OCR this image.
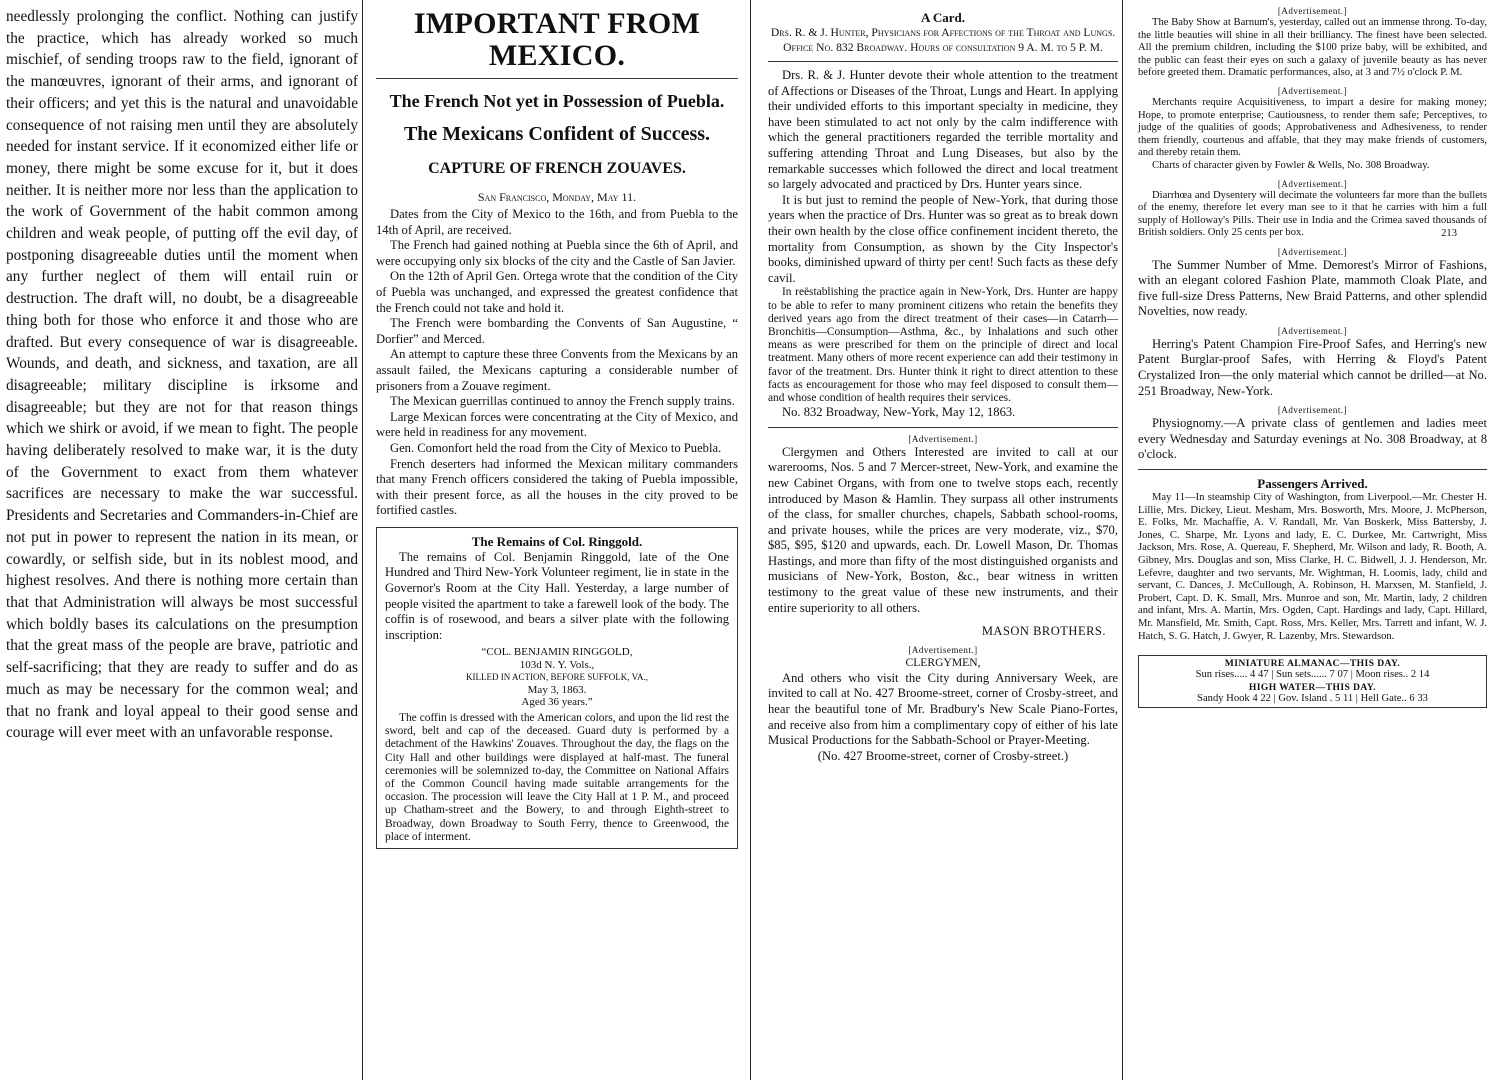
needlessly prolonging the conflict. Nothing can justify the practice, which has already worked so much mischief, of sending troops raw to the field, ignorant of the manœuvres, ignorant of their arms, and ignorant of their officers; and yet this is the natural and unavoidable consequence of not raising men until they are absolutely needed for instant service. If it economized either life or money, there might be some excuse for it, but it does neither. It is neither more nor less than the application to the work of Government of the habit common among children and weak people, of putting off the evil day, of postponing disagreeable duties until the moment when any further neglect of them will entail ruin or destruction. The draft will, no doubt, be a disagreeable thing both for those who enforce it and those who are drafted. But every consequence of war is disagreeable. Wounds, and death, and sickness, and taxation, are all disagreeable; military discipline is irksome and disagreeable; but they are not for that reason things which we shirk or avoid, if we mean to fight. The people having deliberately resolved to make war, it is the duty of the Government to exact from them whatever sacrifices are necessary to make the war successful. Presidents and Secretaries and Commanders-in-Chief are not put in power to represent the nation in its mean, or cowardly, or selfish side, but in its noblest mood, and highest resolves. And there is nothing more certain than that that Administration will always be most successful which boldly bases its calculations on the presumption that the great mass of the people are brave, patriotic and self-sacrificing; that they are ready to suffer and do as much as may be necessary for the common weal; and that no frank and loyal appeal to their good sense and courage will ever meet with an unfavorable response.

IMPORTANT FROM MEXICO.
The French Not yet in Possession of Puebla.
The Mexicans Confident of Success.
CAPTURE OF FRENCH ZOUAVES.
San Francisco, Monday, May 11.

Dates from the City of Mexico to the 16th, and from Puebla to the 14th of April, are received.

The French had gained nothing at Puebla since the 6th of April, and were occupying only six blocks of the city and the Castle of San Javier.

On the 12th of April Gen. Ortega wrote that the condition of the City of Puebla was unchanged, and expressed the greatest confidence that the French could not take and hold it.

The French were bombarding the Convents of San Augustine, “ Dorfier” and Merced.

An attempt to capture these three Convents from the Mexicans by an assault failed, the Mexicans capturing a considerable number of prisoners from a Zouave regiment.

The Mexican guerrillas continued to annoy the French supply trains.

Large Mexican forces were concentrating at the City of Mexico, and were held in readiness for any movement.

Gen. Comonfort held the road from the City of Mexico to Puebla.

French deserters had informed the Mexican military commanders that many French officers considered the taking of Puebla impossible, with their present force, as all the houses in the city proved to be fortified castles.

The Remains of Col. Ringgold.

The remains of Col. Benjamin Ringgold, late of the One Hundred and Third New-York Volunteer regiment, lie in state in the Governor's Room at the City Hall. Yesterday, a large number of people visited the apartment to take a farewell look of the body. The coffin is of rosewood, and bears a silver plate with the following inscription:

“COL. BENJAMIN RINGGOLD,
103d N. Y. Vols.,
KILLED IN ACTION, BEFORE SUFFOLK, VA.,
May 3, 1863.
Aged 36 years.”

The coffin is dressed with the American colors, and upon the lid rest the sword, belt and cap of the deceased. Guard duty is performed by a detachment of the Hawkins' Zouaves. Throughout the day, the flags on the City Hall and other buildings were displayed at half-mast. The funeral ceremonies will be solemnized to-day, the Committee on National Affairs of the Common Council having made suitable arrangements for the occasion. The procession will leave the City Hall at 1 P. M., and proceed up Chatham-street and the Bowery, to and through Eighth-street to Broadway, down Broadway to South Ferry, thence to Greenwood, the place of interment.

A Card.
Drs. R. & J. Hunter, Physicians for Affections of the Throat and Lungs.
Office No. 832 Broadway. Hours of consultation 9 A. M. to 5 P. M.

Drs. R. & J. Hunter devote their whole attention to the treatment of Affections or Diseases of the Throat, Lungs and Heart. In applying their undivided efforts to this important specialty in medicine, they have been stimulated to act not only by the calm indifference with which the general practitioners regarded the terrible mortality and suffering attending Throat and Lung Diseases, but also by the remarkable successes which followed the direct and local treatment so largely advocated and practiced by Drs. Hunter years since.

It is but just to remind the people of New-York, that during those years when the practice of Drs. Hunter was so great as to break down their own health by the close office confinement incident thereto, the mortality from Consumption, as shown by the City Inspector's books, diminished upward of thirty per cent! Such facts as these defy cavil.

In reëstablishing the practice again in New-York, Drs. Hunter are happy to be able to refer to many prominent citizens who retain the benefits they derived years ago from the direct treatment of their cases—in Catarrh—Bronchitis—Consumption—Asthma, &c., by Inhalations and such other means as were prescribed for them on the principle of direct and local treatment. Many others of more recent experience can add their testimony in favor of the treatment. Drs. Hunter think it right to direct attention to these facts as encouragement for those who may feel disposed to consult them—and whose condition of health requires their services.

No. 832 Broadway, New-York, May 12, 1863.

[Advertisement.]

Clergymen and Others Interested are invited to call at our warerooms, Nos. 5 and 7 Mercer-street, New-York, and examine the new Cabinet Organs, with from one to twelve stops each, recently introduced by Mason & Hamlin. They surpass all other instruments of the class, for smaller churches, chapels, Sabbath school-rooms, and private houses, while the prices are very moderate, viz., $70, $85, $95, $120 and upwards, each. Dr. Lowell Mason, Dr. Thomas Hastings, and more than fifty of the most distinguished organists and musicians of New-York, Boston, &c., bear witness in written testimony to the great value of these new instruments, and their entire superiority to all others.

MASON BROTHERS.
[Advertisement.]
CLERGYMEN,

And others who visit the City during Anniversary Week, are invited to call at No. 427 Broome-street, corner of Crosby-street, and hear the beautiful tone of Mr. Bradbury's New Scale Piano-Fortes, and receive also from him a complimentary copy of either of his late Musical Productions for the Sabbath-School or Prayer-Meeting.

(No. 427 Broome-street, corner of Crosby-street.)

[Advertisement.]

The Baby Show at Barnum's, yesterday, called out an immense throng. To-day, the little beauties will shine in all their brilliancy. The finest have been selected. All the premium children, including the $100 prize baby, will be exhibited, and the public can feast their eyes on such a galaxy of juvenile beauty as has never before greeted them. Dramatic performances, also, at 3 and 7½ o'clock P. M.

[Advertisement.]

Merchants require Acquisitiveness, to impart a desire for making money; Hope, to promote enterprise; Cautiousness, to render them safe; Perceptives, to judge of the qualities of goods; Approbativeness and Adhesiveness, to render them friendly, courteous and affable, that they may make friends of customers, and thereby retain them.

Charts of character given by Fowler & Wells, No. 308 Broadway.

[Advertisement.]

Diarrhœa and Dysentery will decimate the volunteers far more than the bullets of the enemy, therefore let every man see to it that he carries with him a full supply of Holloway's Pills. Their use in India and the Crimea saved thousands of British soldiers. Only 25 cents per box.	213
[Advertisement.]

The Summer Number of Mme. Demorest's Mirror of Fashions, with an elegant colored Fashion Plate, mammoth Cloak Plate, and five full-size Dress Patterns, New Braid Patterns, and other splendid Novelties, now ready.

[Advertisement.]

Herring's Patent Champion Fire-Proof Safes, and Herring's new Patent Burglar-proof Safes, with Herring & Floyd's Patent Crystalized Iron—the only material which cannot be drilled—at No. 251 Broadway, New-York.

[Advertisement.]

Physiognomy.—A private class of gentlemen and ladies meet every Wednesday and Saturday evenings at No. 308 Broadway, at 8 o'clock.

Passengers Arrived.

May 11—In steamship City of Washington, from Liverpool.—Mr. Chester H. Lillie, Mrs. Dickey, Lieut. Mesham, Mrs. Bosworth, Mrs. Moore, J. McPherson, E. Folks, Mr. Machaffie, A. V. Randall, Mr. Van Boskerk, Miss Battersby, J. Jones, C. Sharpe, Mr. Lyons and lady, E. C. Durkee, Mr. Cartwright, Miss Jackson, Mrs. Rose, A. Quereau, F. Shepherd, Mr. Wilson and lady, R. Booth, A. Gibney, Mrs. Douglas and son, Miss Clarke, H. C. Bidwell, J. J. Henderson, Mr. Lefevre, daughter and two servants, Mr. Wightman, H. Loomis, lady, child and servant, C. Dances, J. McCullough, A. Robinson, H. Marxsen, M. Stanfield, J. Probert, Capt. D. K. Small, Mrs. Munroe and son, Mr. Martin, lady, 2 children and infant, Mrs. A. Martin, Mrs. Ogden, Capt. Hardings and lady, Capt. Hillard, Mr. Mansfield, Mr. Smith, Capt. Ross, Mrs. Keller, Mrs. Tarrett and infant, W. J. Hatch, S. G. Hatch, J. Gwyer, R. Lazenby, Mrs. Stewardson.

MINIATURE ALMANAC—THIS DAY.
Sun rises..... 4 47 | Sun sets...... 7 07 | Moon rises.. 2 14
HIGH WATER—THIS DAY.
Sandy Hook 4 22 | Gov. Island . 5 11 | Hell Gate.. 6 33
